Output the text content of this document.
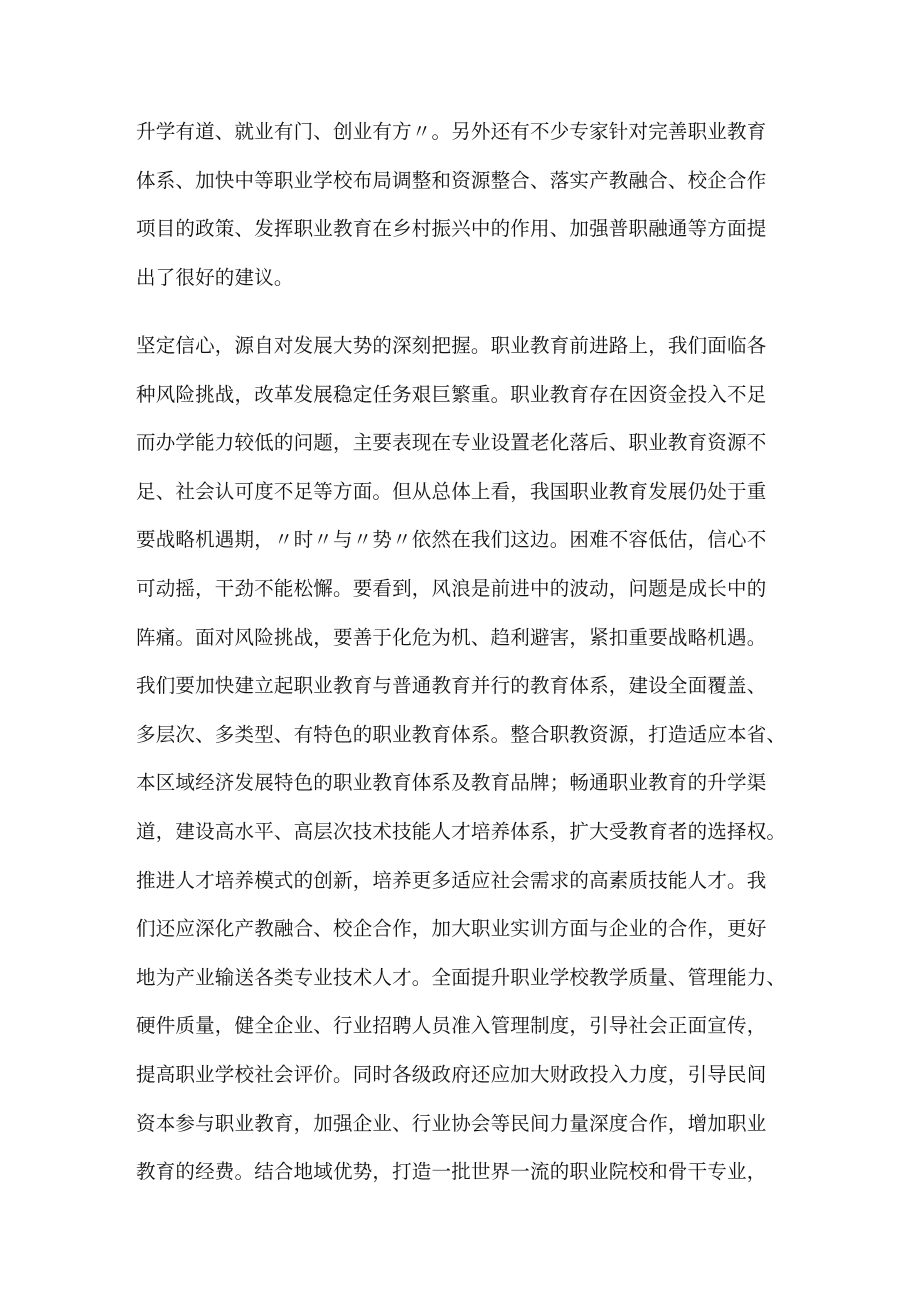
升学有道、就业有门、创业有方〃。另外还有不少专家针对完善职业教育
体系、加快中等职业学校布局调整和资源整合、落实产教融合、校企合作
项目的政策、发挥职业教育在乡村振兴中的作用、加强普职融通等方面提
出了很好的建议。
坚定信心，源自对发展大势的深刻把握。职业教育前进路上，我们面临各
种风险挑战，改革发展稳定任务艰巨繁重。职业教育存在因资金投入不足
而办学能力较低的问题，主要表现在专业设置老化落后、职业教育资源不
足、社会认可度不足等方面。但从总体上看，我国职业教育发展仍处于重
要战略机遇期，〃时〃与〃势〃依然在我们这边。困难不容低估，信心不
可动摇，干劲不能松懈。要看到，风浪是前进中的波动，问题是成长中的
阵痛。面对风险挑战，要善于化危为机、趋利避害，紧扣重要战略机遇。
我们要加快建立起职业教育与普通教育并行的教育体系，建设全面覆盖、
多层次、多类型、有特色的职业教育体系。整合职教资源，打造适应本省、
本区域经济发展特色的职业教育体系及教育品牌；畅通职业教育的升学渠
道，建设高水平、高层次技术技能人才培养体系，扩大受教育者的选择权。
推进人才培养模式的创新，培养更多适应社会需求的高素质技能人才。我
们还应深化产教融合、校企合作，加大职业实训方面与企业的合作，更好
地为产业输送各类专业技术人才。全面提升职业学校教学质量、管理能力、
硬件质量，健全企业、行业招聘人员准入管理制度，引导社会正面宣传，
提高职业学校社会评价。同时各级政府还应加大财政投入力度，引导民间
资本参与职业教育，加强企业、行业协会等民间力量深度合作，增加职业
教育的经费。结合地域优势，打造一批世界一流的职业院校和骨干专业，
